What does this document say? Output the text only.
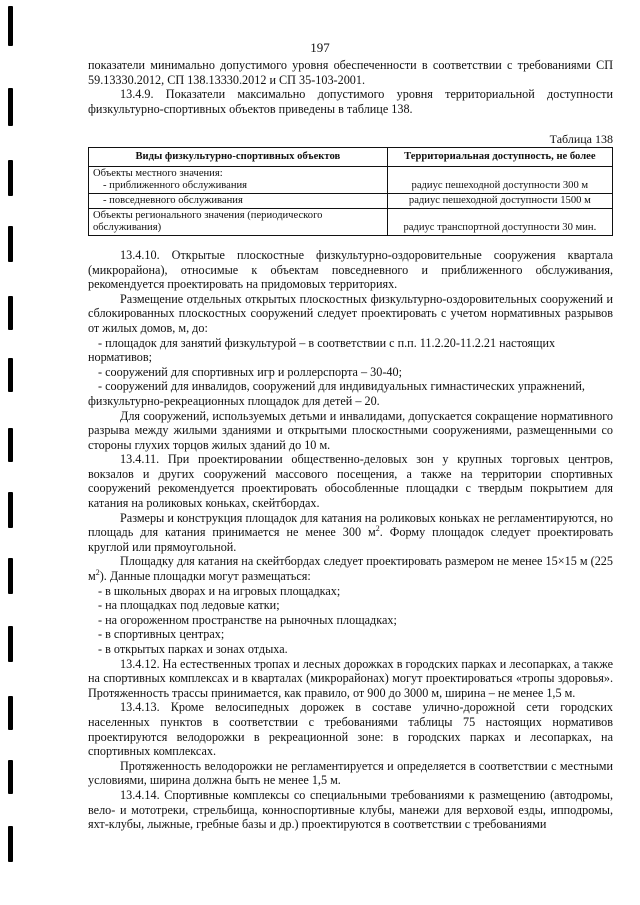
197

показатели минимально допустимого уровня обеспеченности в соответствии с требованиями СП 59.13330.2012, СП 138.13330.2012 и СП 35-103-2001.

13.4.9. Показатели максимально допустимого уровня территориальной доступности физкультурно-спортивных объектов приведены в таблице 138.

Таблица 138
Виды физкультурно-спортивных объектов	Территориальная доступность, не более

Объекты местного значения:
- приближенного обслуживания	радиус пешеходной доступности 300 м

- повседневного обслуживания	радиус пешеходной доступности 1500 м

Объекты регионального значения (периодического
обслуживания)	радиус транспортной доступности 30 мин.

13.4.10. Открытые плоскостные физкультурно-оздоровительные сооружения квартала (микрорайона), относимые к объектам повседневного и приближенного обслуживания, рекомендуется проектировать на придомовых территориях.

Размещение отдельных открытых плоскостных физкультурно-оздоровительных сооружений и сблокированных плоскостных сооружений следует проектировать с учетом нормативных разрывов от жилых домов, м, до:

- площадок для занятий физкультурой – в соответствии с п.п. 11.2.20-11.2.21 настоящих нормативов;

- сооружений для спортивных игр и роллерспорта – 30-40;

- сооружений для инвалидов, сооружений для индивидуальных гимнастических упражнений, физкультурно-рекреационных площадок для детей – 20.

Для сооружений, используемых детьми и инвалидами, допускается сокращение нормативного разрыва между жилыми зданиями и открытыми плоскостными сооружениями, размещенными со стороны глухих торцов жилых зданий до 10 м.

13.4.11. При проектировании общественно-деловых зон у крупных торговых центров, вокзалов и других сооружений массового посещения, а также на территории спортивных сооружений рекомендуется проектировать обособленные площадки с твердым покрытием для катания на роликовых коньках, скейтбордах.

Размеры и конструкция площадок для катания на роликовых коньках не регламентируются, но площадь для катания принимается не менее 300 $м^2$. Форму площадок следует проектировать круглой или прямоугольной.

Площадку для катания на скейтбордах следует проектировать размером не менее 15×15 м (225 $м^2$). Данные площадки могут размещаться:

- в школьных дворах и на игровых площадках;

- на площадках под ледовые катки;

- на огороженном пространстве на рыночных площадках;

- в спортивных центрах;

- в открытых парках и зонах отдыха.

13.4.12. На естественных тропах и лесных дорожках в городских парках и лесопарках, а также на спортивных комплексах и в кварталах (микрорайонах) могут проектироваться «тропы здоровья». Протяженность трассы принимается, как правило, от 900 до 3000 м, ширина – не менее 1,5 м.

13.4.13. Кроме велосипедных дорожек в составе улично-дорожной сети городских населенных пунктов в соответствии с требованиями таблицы 75 настоящих нормативов проектируются велодорожки в рекреационной зоне: в городских парках и лесопарках, на спортивных комплексах.

Протяженность велодорожки не регламентируется и определяется в соответствии с местными условиями, ширина должна быть не менее 1,5 м.

13.4.14. Спортивные комплексы со специальными требованиями к размещению (автодромы, вело- и мототреки, стрельбища, конноспортивные клубы, манежи для верховой езды, ипподромы, яхт-клубы, лыжные, гребные базы и др.) проектируются в соответствии с требованиями
